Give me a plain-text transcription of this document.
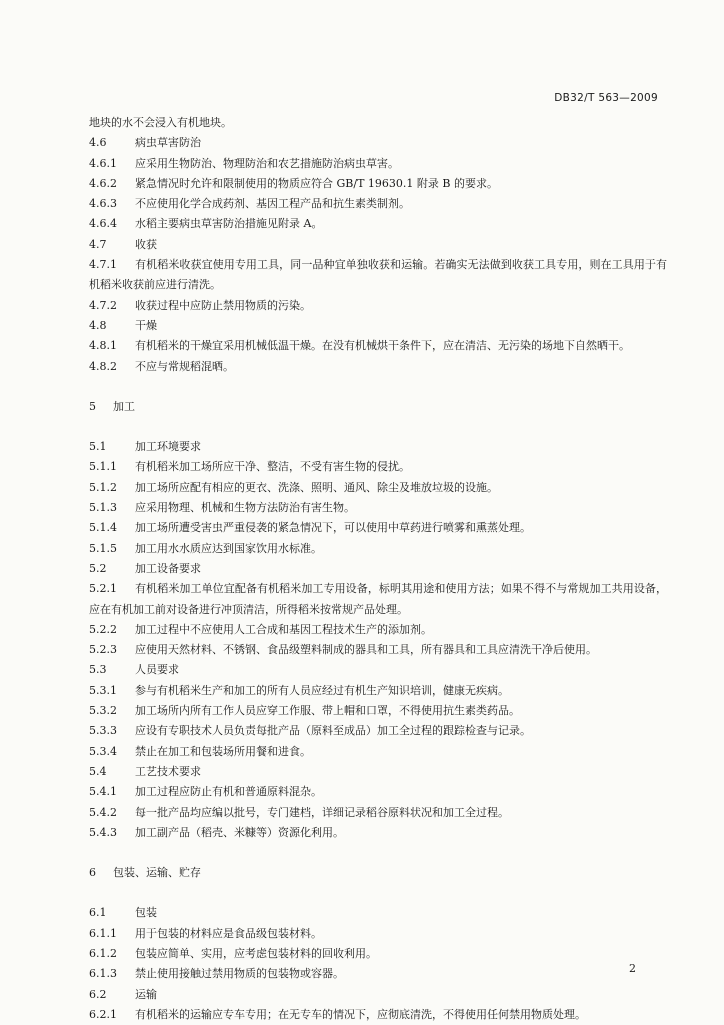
DB32/T 563—2009
地块的水不会浸入有机地块。
4.6	病虫草害防治
4.6.1 应采用生物防治、物理防治和农艺措施防治病虫草害。
4.6.2 紧急情况时允许和限制使用的物质应符合 GB/T 19630.1 附录 B 的要求。
4.6.3 不应使用化学合成药剂、基因工程产品和抗生素类制剂。
4.6.4 水稻主要病虫草害防治措施见附录 A。
4.7	收获
4.7.1 有机稻米收获宜使用专用工具，同一品种宜单独收获和运输。若确实无法做到收获工具专用，则在工具用于有机稻米收获前应进行清洗。
4.7.2 收获过程中应防止禁用物质的污染。
4.8	干燥
4.8.1 有机稻米的干燥宜采用机械低温干燥。在没有机械烘干条件下，应在清洁、无污染的场地下自然晒干。
4.8.2 不应与常规稻混晒。
5 加工
5.1	加工环境要求
5.1.1 有机稻米加工场所应干净、整洁，不受有害生物的侵扰。
5.1.2 加工场所应配有相应的更衣、洗涤、照明、通风、除尘及堆放垃圾的设施。
5.1.3 应采用物理、机械和生物方法防治有害生物。
5.1.4 加工场所遭受害虫严重侵袭的紧急情况下，可以使用中草药进行喷雾和熏蒸处理。
5.1.5 加工用水水质应达到国家饮用水标准。
5.2	加工设备要求
5.2.1 有机稻米加工单位宜配备有机稻米加工专用设备，标明其用途和使用方法；如果不得不与常规加工共用设备，应在有机加工前对设备进行冲顶清洁，所得稻米按常规产品处理。
5.2.2 加工过程中不应使用人工合成和基因工程技术生产的添加剂。
5.2.3 应使用天然材料、不锈钢、食品级塑料制成的器具和工具，所有器具和工具应清洗干净后使用。
5.3	人员要求
5.3.1 参与有机稻米生产和加工的所有人员应经过有机生产知识培训，健康无疾病。
5.3.2 加工场所内所有工作人员应穿工作服、带上帽和口罩，不得使用抗生素类药品。
5.3.3 应设有专职技术人员负责每批产品（原料至成品）加工全过程的跟踪检查与记录。
5.3.4 禁止在加工和包装场所用餐和进食。
5.4	工艺技术要求
5.4.1 加工过程应防止有机和普通原料混杂。
5.4.2 每一批产品均应编以批号，专门建档，详细记录稻谷原料状况和加工全过程。
5.4.3 加工副产品（稻壳、米糠等）资源化利用。
6 包装、运输、贮存
6.1	包装
6.1.1 用于包装的材料应是食品级包装材料。
6.1.2 包装应简单、实用，应考虑包装材料的回收利用。
6.1.3 禁止使用接触过禁用物质的包装物或容器。
6.2	运输
6.2.1 有机稻米的运输应专车专用；在无专车的情况下，应彻底清洗，不得使用任何禁用物质处理。
2
